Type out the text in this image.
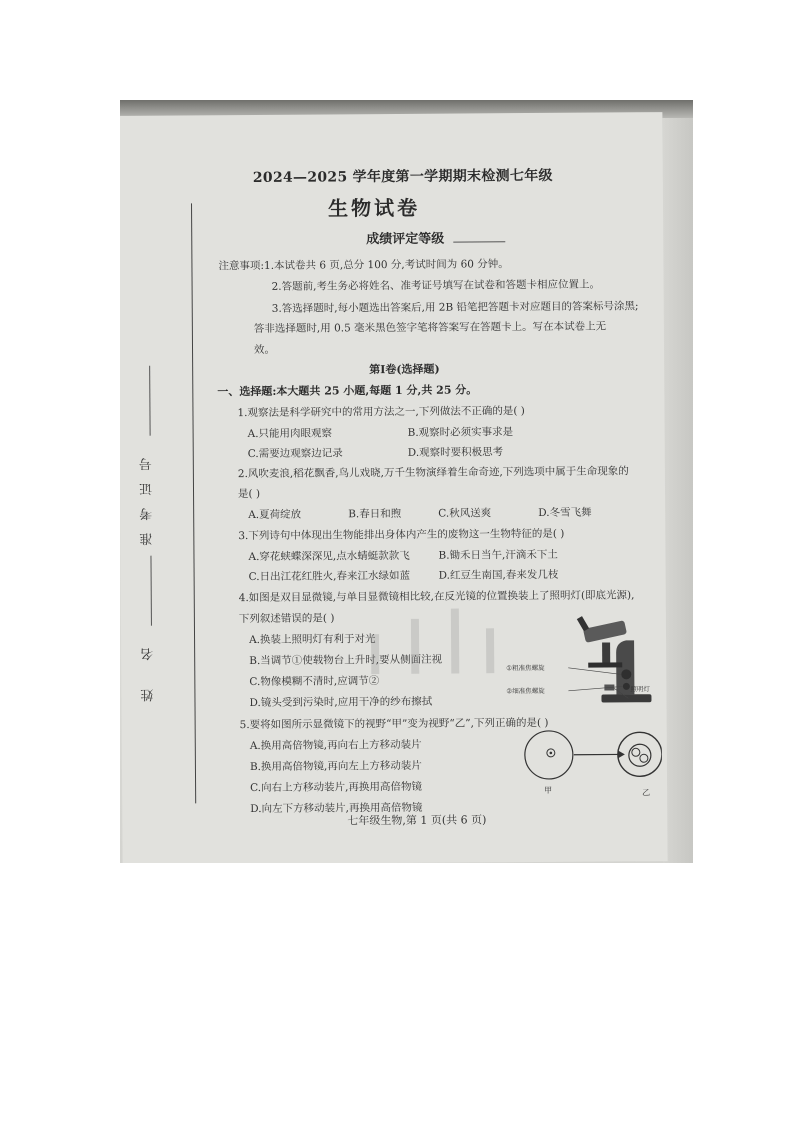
2024—2025 学年度第一学期期末检测七年级
生物试卷
成绩评定等级
准考证号
姓 名
注意事项:1.本试卷共 6 页,总分 100 分,考试时间为 60 分钟。
2.答题前,考生务必将姓名、准考证号填写在试卷和答题卡相应位置上。
3.答选择题时,每小题选出答案后,用 2B 铅笔把答题卡对应题目的答案标号涂黑;
答非选择题时,用 0.5 毫米黑色签字笔将答案写在答题卡上。写在本试卷上无
效。
第Ⅰ卷(选择题)
一、选择题:本大题共 25 小题,每题 1 分,共 25 分。
1.观察法是科学研究中的常用方法之一,下列做法不正确的是( )
A.只能用肉眼观察	B.观察时必须实事求是
C.需要边观察边记录	D.观察时要积极思考
2.风吹麦浪,稻花飘香,鸟儿戏晓,万千生物演绎着生命奇迹,下列选项中属于生命现象的
是( )
A.夏荷绽放	B.春日和煦	C.秋风送爽	D.冬雪飞舞
3.下列诗句中体现出生物能排出身体内产生的废物这一生物特征的是( )
A.穿花蛱蝶深深见,点水蜻蜓款款飞	B.锄禾日当午,汗滴禾下土
C.日出江花红胜火,春来江水绿如蓝	D.红豆生南国,春来发几枝
4.如图是双目显微镜,与单目显微镜相比较,在反光镜的位置换装上了照明灯(即底光源),
下列叙述错误的是( )
A.换装上照明灯有利于对光
B.当调节①使载物台上升时,要从侧面注视
C.物像模糊不清时,应调节②
D.镜头受到污染时,应用干净的纱布擦拭
①粗准焦螺旋
②细准焦螺旋	照明灯
5.要将如图所示显微镜下的视野“甲”变为视野“乙”,下列正确的是( )
A.换用高倍物镜,再向右上方移动装片
B.换用高倍物镜,再向左上方移动装片
C.向右上方移动装片,再换用高倍物镜
D.向左下方移动装片,再换用高倍物镜
甲	乙
七年级生物,第 1 页(共 6 页)
